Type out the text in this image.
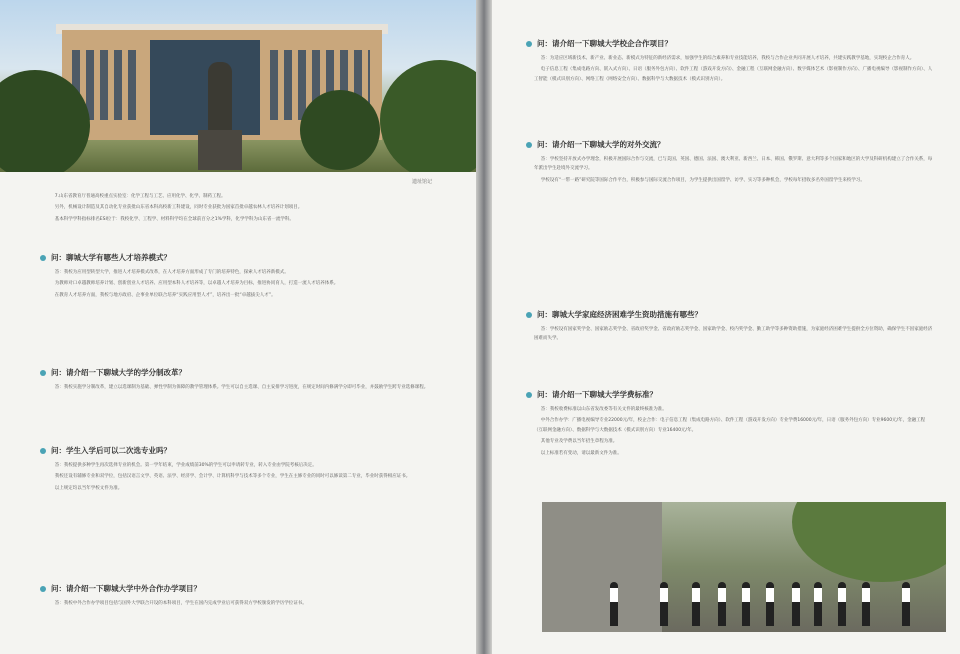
遗址馆记

7.山东省教育厅普通高校重点实验室：化学工程与工艺、应用化学、化学、制药工程。

另外，机械设计制造及其自动化专业获批山东省本科高校新工科建设，同时专业获批为国家首批卓越农林人才培养计划项目。

基本科学学科指标排名ESI位于：我校化学、工程学、材料科学均在全球前百分之1%学科，化学学科为山东省一流学科。

问：聊城大学有哪些人才培养模式？

答：我校为应用型转型大学，推进人才培养模式改革，在人才培养方面形成了专门的培养特色，探索人才培养新模式。

为教师对口卓越教师培养计划、创新创业人才培养、应用型本科人才培养等，以卓越人才培养为目标，推进协同育人，打造一流人才培养体系。

在教育人才培养方面，我校与地方政府、企事业单位联合培养“实践应用型人才”，培养出一批“卓越拔尖人才”。

问：请介绍一下聊城大学的学分制改革？

答：我校实施学分制改革，建立以选课制为基础、弹性学制为保障的教学管理体系。学生可以自主选课、自主安排学习进度，在规定时间内修满学分即可毕业，并鼓励学生跨专业选修课程。

问：学生入学后可以二次选专业吗？

答：我校提供多种学生再次选择专业的机会。第一学年结束，学业成绩前30%的学生可以申请转专业，转入专业由学院考核后决定。

我校还设有辅修专业和双学位，包括汉语言文学、英语、法学、经济学、会计学、计算机科学与技术等多个专业，学生在主修专业的同时可以修读第二专业，毕业时获得相应证书。

以上规定均以当年学校文件为准。

问：请介绍一下聊城大学中外合作办学项目？

答：我校中外合作办学项目包括与国外大学联合开设的本科项目，学生在国内完成学业后可获得双方学校颁发的学历学位证书。

问：请介绍一下聊城大学校企合作项目？

答：为适应区域新技术、新产业、新业态、新模式为特征的新经济需求，加强学生的综合素养和专业技能培养，我校与合作企业共同开展人才培养，共建实践教学基地，实现校企合作育人。

电子信息工程（集成电路方向、嵌入式方向）、日语（服务外包方向）、软件工程（游戏开发方向）、金融工程（互联网金融方向）、数字媒体艺术（影视制作方向）、广播电视编导（影视制作方向）、人工智能（模式识别方向）、网络工程（网络安全方向）、数据科学与大数据技术（模式识别方向）。

问：请介绍一下聊城大学的对外交流？

答：学校坚持开放式办学理念，积极开展国际合作与交流，已与美国、英国、德国、法国、澳大利亚、新西兰、日本、韩国、俄罗斯、意大利等多个国家和地区的大学及科研机构建立了合作关系，每年派出学生赴境外交流学习。

学校设有“一带一路”研究院等国际合作平台，积极参与国际交流合作项目，为学生提供出国留学、访学、实习等多种机会，学校每年招收多名外国留学生来校学习。

问：聊城大学家庭经济困难学生资助措施有哪些？

答：学校设有国家奖学金、国家励志奖学金、省政府奖学金、省政府励志奖学金、国家助学金、校内奖学金、勤工助学等多种资助措施，为家庭经济困难学生提供全方位资助，确保学生不因家庭经济困难而失学。

问：请介绍一下聊城大学学费标准？

答：我校收费标准以山东省发改委等有关文件的最终核准为准。

中外合作办学：广播电视编导专业22000元/年，校企合作：电子信息工程（集成电路方向）、软件工程（游戏开发方向）专业学费16000元/年，日语（服务外包方向）专业9600元/年，金融工程（互联网金融方向）、数据科学与大数据技术（模式识别方向）专业16400元/年。

其他专业及学费以当年招生章程为准。

以上标准若有变动，请以最新文件为准。
